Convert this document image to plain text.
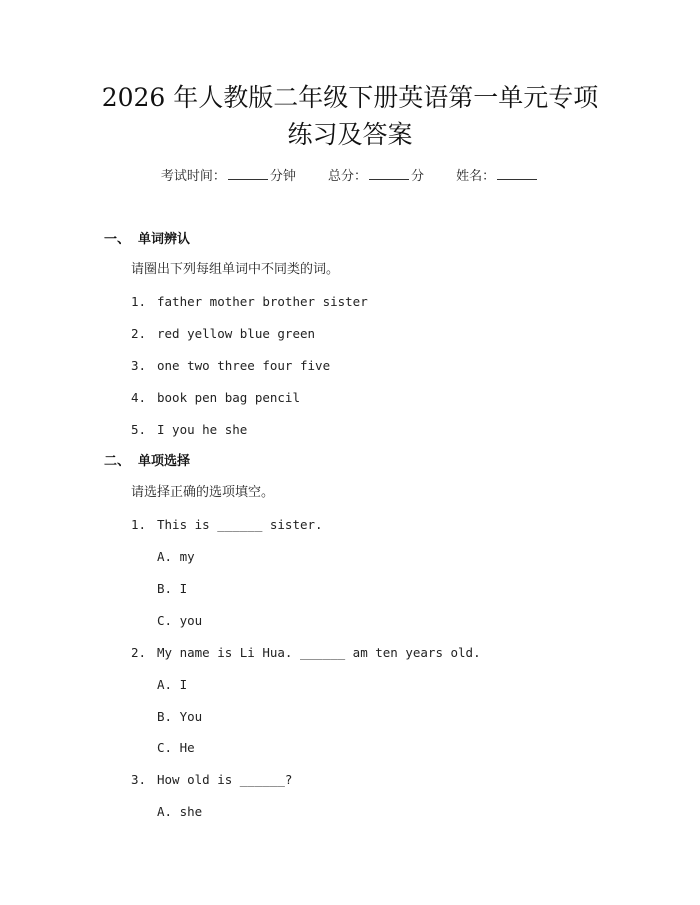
2026 年人教版二年级下册英语第一单元专项
练习及答案
考试时间：	分钟 总分：	分 姓名：
一、 单词辨认
请圈出下列每组单词中不同类的词。
1. father mother brother sister
2. red yellow blue green
3. one two three four five
4. book pen bag pencil
5. I you he she
二、 单项选择
请选择正确的选项填空。
1. This is ______ sister.
A. my
B. I
C. you
2. My name is Li Hua. ______ am ten years old.
A. I
B. You
C. He
3. How old is ______?
A. she
